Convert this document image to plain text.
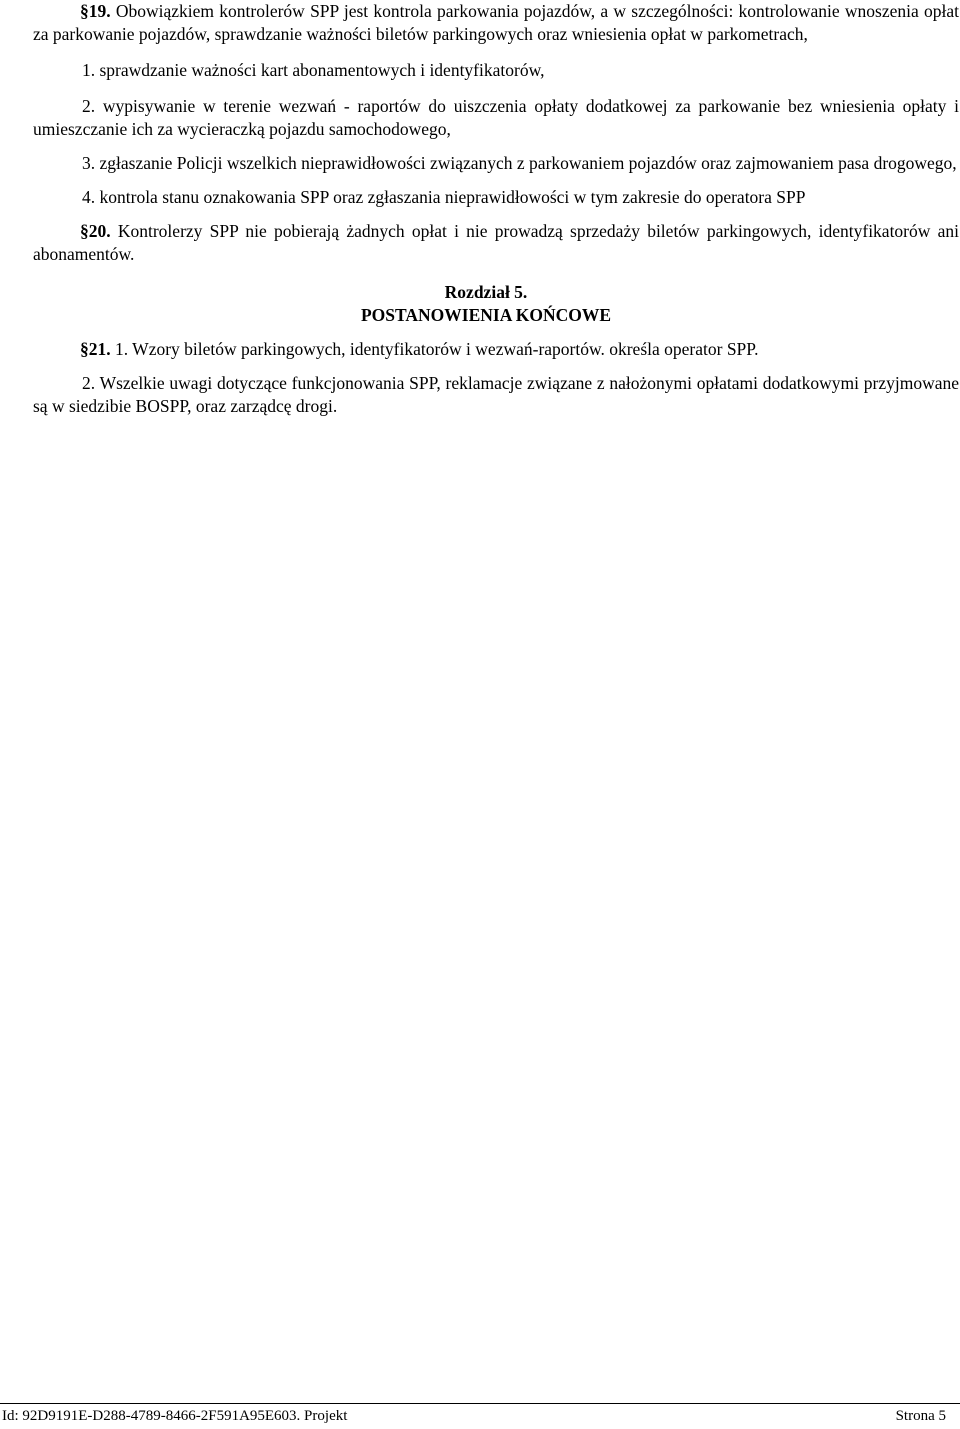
§19. Obowiązkiem kontrolerów SPP jest kontrola parkowania pojazdów, a w szczególności: kontrolowanie wnoszenia opłat za parkowanie pojazdów, sprawdzanie ważności biletów parkingowych oraz wniesienia opłat w parkometrach,

1. sprawdzanie ważności kart abonamentowych i identyfikatorów,

2. wypisywanie w terenie wezwań - raportów do uiszczenia opłaty dodatkowej za parkowanie bez wniesienia opłaty i umieszczanie ich za wycieraczką pojazdu samochodowego,

3. zgłaszanie Policji wszelkich nieprawidłowości związanych z parkowaniem pojazdów oraz zajmowaniem pasa drogowego,

4. kontrola stanu oznakowania SPP oraz zgłaszania nieprawidłowości w tym zakresie do operatora SPP

§20. Kontrolerzy SPP nie pobierają żadnych opłat i nie prowadzą sprzedaży biletów parkingowych, identyfikatorów ani abonamentów.

Rozdział 5.

POSTANOWIENIA KOŃCOWE

§21. 1. Wzory biletów parkingowych, identyfikatorów i wezwań-raportów. określa operator SPP.

2. Wszelkie uwagi dotyczące funkcjonowania SPP, reklamacje związane z nałożonymi opłatami dodatkowymi przyjmowane są w siedzibie BOSPP, oraz zarządcę drogi.

Id: 92D9191E-D288-4789-8466-2F591A95E603. Projekt	Strona 5
